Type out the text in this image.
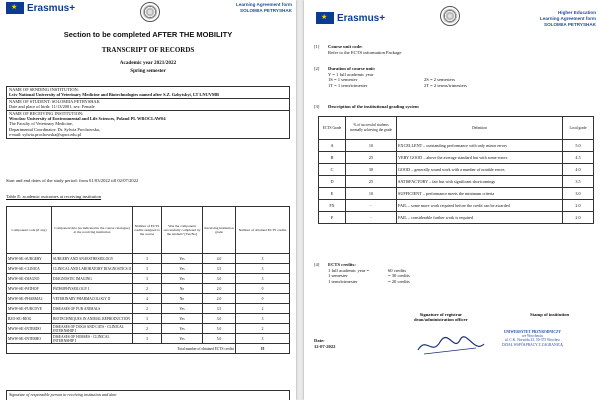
★
Erasmus+	Learning Agreement form
SOLOMIIA PETRYSHAK
Section to be completed AFTER THE MOBILITY
TRANSCRIPT OF RECORDS
Academic year 2021/2022
Spring semester
NAME OF SENDING INSTITUTION:
Lviv National University of Veterinary Medicine and Biotechnologies named after S.Z. Gzhytskyi, LT LNUVMB
NAME OF STUDENT: SOLOMIIA PETRYSHAK
Date and place of birth: 11/13/2001, sex: Female
NAME OF RECEIVING INSTITUTION:
Wroclaw University of Environmental and Life Sciences, Poland PL WROCLAW04
The Faculty of Veterinary Medicine,
Departmental Coordinator: Dr. Sylwia Prochowska,
e-mail: sylwia.prochowska@upwr.edu.pl
Start and end dates of the study period: from 01/03/2022 till 02/07/2022
Table E: academic outcomes at receiving institution
Component code (if any)	Component title (as indicated in the course catalogue) at the receiving institution	Number of ECTS credits assigned to the course	Was the component successfully completed by the student? [Yes/No]	Receiving institution grade	Number of obtained ECTS credits
MWW-SE>SURGERY	SURGERY AND ANAESTHESIOLOGY	3	Yes	4.0	3
MWW-SE>CLINICA	CLINICAL AND LABORATORY DIAGNOSTICS II	3	Yes	3.5	3
MWW-SE>DIAGNO	DIAGNOSTIC IMAGING	3	Yes	3.0	3
MWW-SE>PATHOP	PATHOPHYSIOLOGY I	2	No	2.0	0
MWW-SE>PHARMA2	VETERINARY PHARMACOLOGY II	4	No	2.0	0
MWW-SE>FURCOVE	DISEASES OF FUR ANIMALS	2	Yes	3.5	2
RZO-SE>BIOG	BIOTECHNIQUES IN ANIMAL REPRODUCTION	3	Yes	3.0	3
MWW-SE>INTERDO	DISEASES OF DOGS AND CATS - CLINICAL INTERNSHIP I	2	Yes	5.0	2
MWW-SE>INTERHO	DISEASES OF HORSES - CLINICAL INTERNSHIP I	3	Yes	5.0	3
Total number of obtained ECTS credits					19
Signature of responsible person in receiving institution and date
★
Erasmus+	Higher Education
Learning Agreement form
SOLOMIIA PETRYSHAK
[1] Course unit code:
Refer to the ECTS information Package
[2] Duration of course unit:
Y = 1 full academic year
1S = 1 semester	2S = 2 semesters
1T = 1 term/trimester	2T = 2 terms/trimesters
[3] Description of the institutional grading system
ECTS Grade	% of successful students normally achieving the grade	Definition	Local grade
A	10	EXCELLENT – outstanding performance with only minor errors	5.0
B	25	VERY GOOD – above the average standard but with some errors	4.5
C	30	GOOD – generally sound work with a number of notable errors	4.0
D	25	SATISFACTORY – fair but with significant shortcomings	3.5
E	10	SUFFICIENT – performance meets the minimum criteria	3.0
FX	-	FAIL – some more work required before the credit can be awarded	2.0
F	-	FAIL – considerable further work is required	2.0
[4] ECTS credits:
1 full academic year =	60 credits
1 semester	= 30 credits
1 term/trimester	= 20 credits
Signature of registrar
dean/administration officer
Stamp of institution
Date:
12-07-2022
UNIWERSYTET PRZYRODNICZY
we Wrocławiu
ul. C.K. Norwida 25, 50-375 Wrocław
DZIAŁ WSPÓŁPRACY Z ZAGRANICĄ
